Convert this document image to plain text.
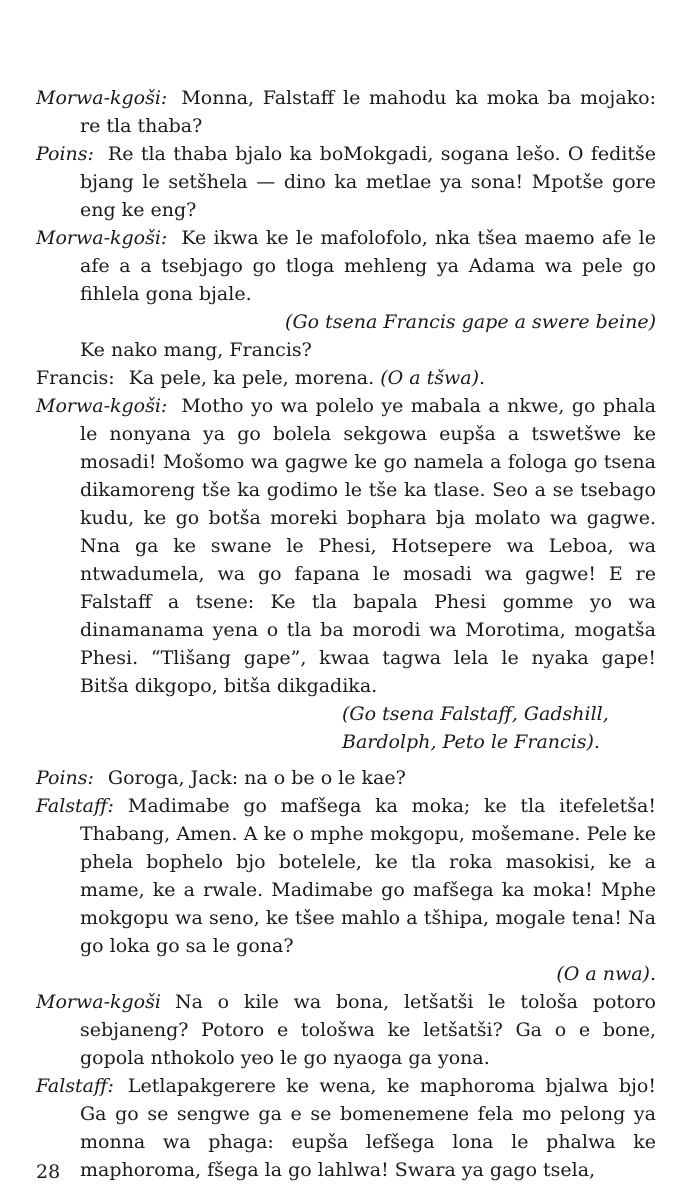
Morwa-kgoši: Monna, Falstaff le mahodu ka moka ba mojako: re tla thaba?

Poins: Re tla thaba bjalo ka boMokgadi, sogana lešo. O feditše bjang le setšhela — dino ka metlae ya sona! Mpotše gore eng ke eng?

Morwa-kgoši: Ke ikwa ke le mafolofolo, nka tšea maemo afe le afe a a tsebjago go tloga mehleng ya Adama wa pele go fihlela gona bjale.

(Go tsena Francis gape a swere beine)

Ke nako mang, Francis?

Francis: Ka pele, ka pele, morena. (O a tšwa).

Morwa-kgoši: Motho yo wa polelo ye mabala a nkwe, go phala le nonyana ya go bolela sekgowa eupša a tswetšwe ke mosadi! Mošomo wa gagwe ke go namela a fologa go tsena dikamoreng tše ka godimo le tše ka tlase. Seo a se tsebago kudu, ke go botša moreki bophara bja molato wa gagwe. Nna ga ke swane le Phesi, Hotsepere wa Leboa, wa ntwadumela, wa go fapana le mosadi wa gagwe! E re Falstaff a tsene: Ke tla bapala Phesi gomme yo wa dinamanama yena o tla ba morodi wa Morotima, mogatša Phesi. “Tlišang gape”, kwaa tagwa lela le nyaka gape! Bitša dikgopo, bitša dikgadika.

(Go tsena Falstaff, Gadshill,

Bardolph, Peto le Francis).

Poins: Goroga, Jack: na o be o le kae?

Falstaff: Madimabe go mafšega ka moka; ke tla itefeletša! Thabang, Amen. A ke o mphe mokgopu, mošemane. Pele ke phela bophelo bjo botelele, ke tla roka masokisi, ke a mame, ke a rwale. Madimabe go mafšega ka moka! Mphe mokgopu wa seno, ke tšee mahlo a tšhipa, mogale tena! Na go loka go sa le gona?

(O a nwa).

Morwa-kgoši Na o kile wa bona, letšatši le tološa potoro sebjaneng? Potoro e tološwa ke letšatši? Ga o e bone, gopola nthokolo yeo le go nyaoga ga yona.

Falstaff: Letlapakgerere ke wena, ke maphoroma bjalwa bjo! Ga go se sengwe ga e se bomenemene fela mo pelong ya monna wa phaga: eupša lefšega lona le phalwa ke maphoroma, fšega la go lahlwa! Swara ya gago tsela,

28
